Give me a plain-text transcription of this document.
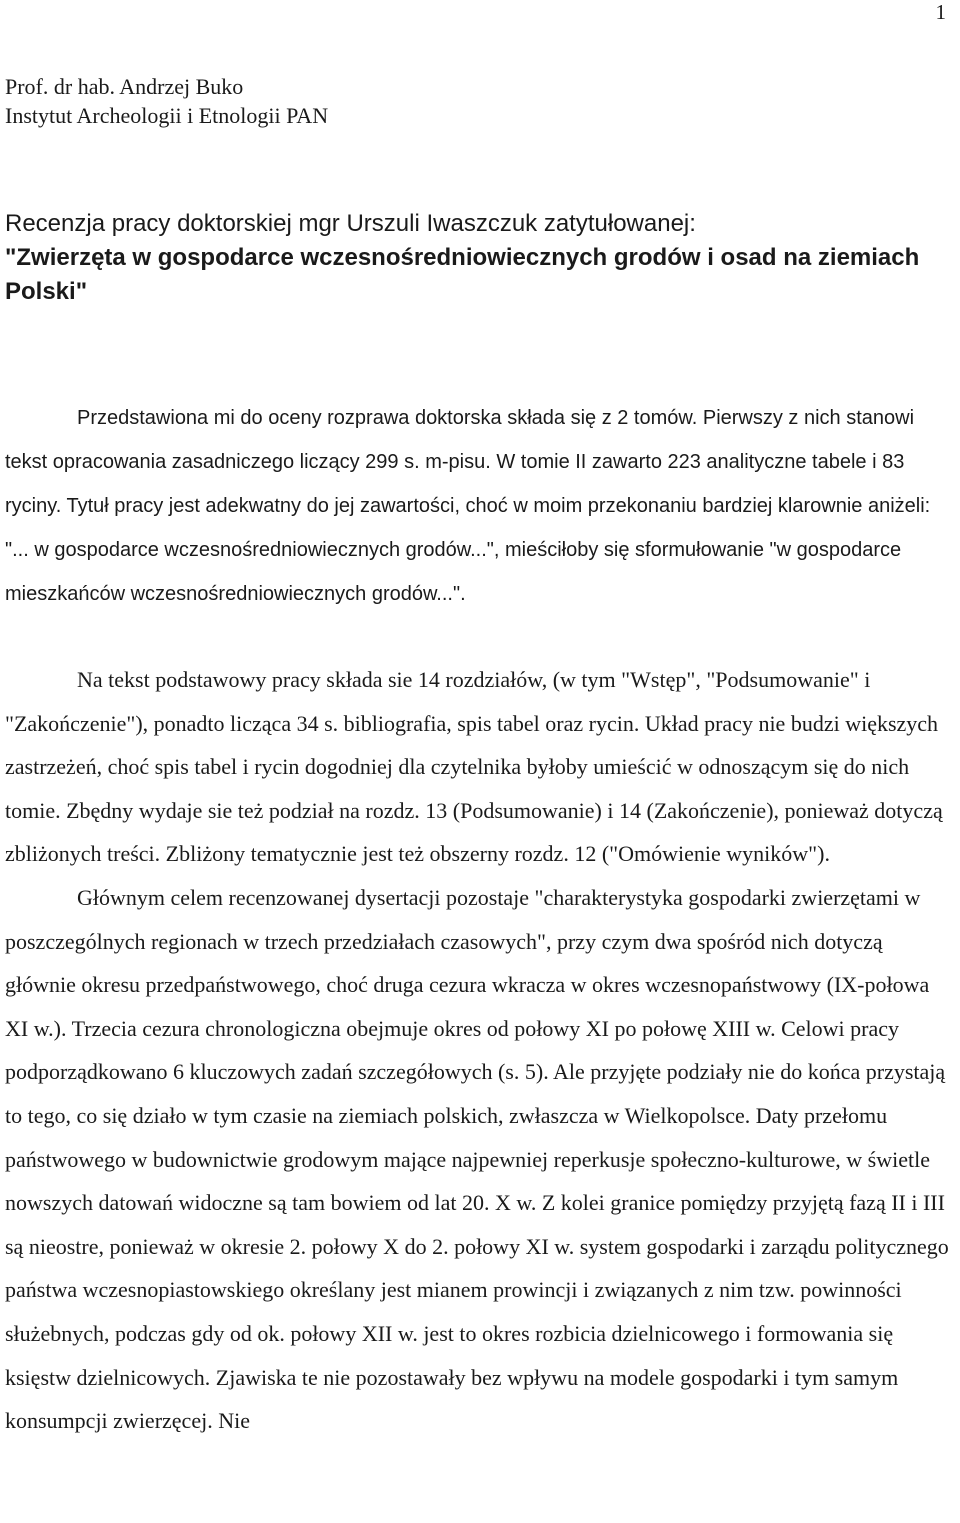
1
Prof. dr hab. Andrzej Buko
Instytut Archeologii i Etnologii PAN
Recenzja pracy doktorskiej mgr Urszuli Iwaszczuk zatytułowanej:
"Zwierzęta w gospodarce wczesnośredniowiecznych grodów i osad na ziemiach Polski"

Przedstawiona mi do oceny rozprawa doktorska składa się z 2 tomów. Pierwszy z nich stanowi tekst opracowania zasadniczego liczący 299 s. m-pisu. W tomie II zawarto 223 analityczne tabele i 83 ryciny. Tytuł pracy jest adekwatny do jej zawartości, choć w moim przekonaniu bardziej klarownie aniżeli: "... w gospodarce wczesnośredniowiecznych grodów...", mieściłoby się sformułowanie "w gospodarce mieszkańców wczesnośredniowiecznych grodów...".

Na tekst podstawowy pracy składa sie 14 rozdziałów, (w tym "Wstęp", "Podsumowanie" i "Zakończenie"), ponadto licząca 34 s. bibliografia, spis tabel oraz rycin. Układ pracy nie budzi większych zastrzeżeń, choć spis tabel i rycin dogodniej dla czytelnika byłoby umieścić w odnoszącym się do nich tomie. Zbędny wydaje sie też podział na rozdz. 13 (Podsumowanie) i 14 (Zakończenie), ponieważ dotyczą zbliżonych treści. Zbliżony tematycznie jest też obszerny rozdz. 12 ("Omówienie wyników").

Głównym celem recenzowanej dysertacji pozostaje "charakterystyka gospodarki zwierzętami w poszczególnych regionach w trzech przedziałach czasowych", przy czym dwa spośród nich dotyczą głównie okresu przedpaństwowego, choć druga cezura wkracza w okres wczesnopaństwowy (IX-połowa XI w.). Trzecia cezura chronologiczna obejmuje okres od połowy XI po połowę XIII w. Celowi pracy podporządkowano 6 kluczowych zadań szczegółowych (s. 5). Ale przyjęte podziały nie do końca przystają to tego, co się działo w tym czasie na ziemiach polskich, zwłaszcza w Wielkopolsce. Daty przełomu państwowego w budownictwie grodowym mające najpewniej reperkusje społeczno-kulturowe, w świetle nowszych datowań widoczne są tam bowiem od lat 20. X w. Z kolei granice pomiędzy przyjętą fazą II i III są nieostre, ponieważ w okresie 2. połowy X do 2. połowy XI w. system gospodarki i zarządu politycznego państwa wczesnopiastowskiego określany jest mianem prowincji i związanych z nim tzw. powinności służebnych, podczas gdy od ok. połowy XII w. jest to okres rozbicia dzielnicowego i formowania się księstw dzielnicowych. Zjawiska te nie pozostawały bez wpływu na modele gospodarki i tym samym konsumpcji zwierzęcej. Nie
